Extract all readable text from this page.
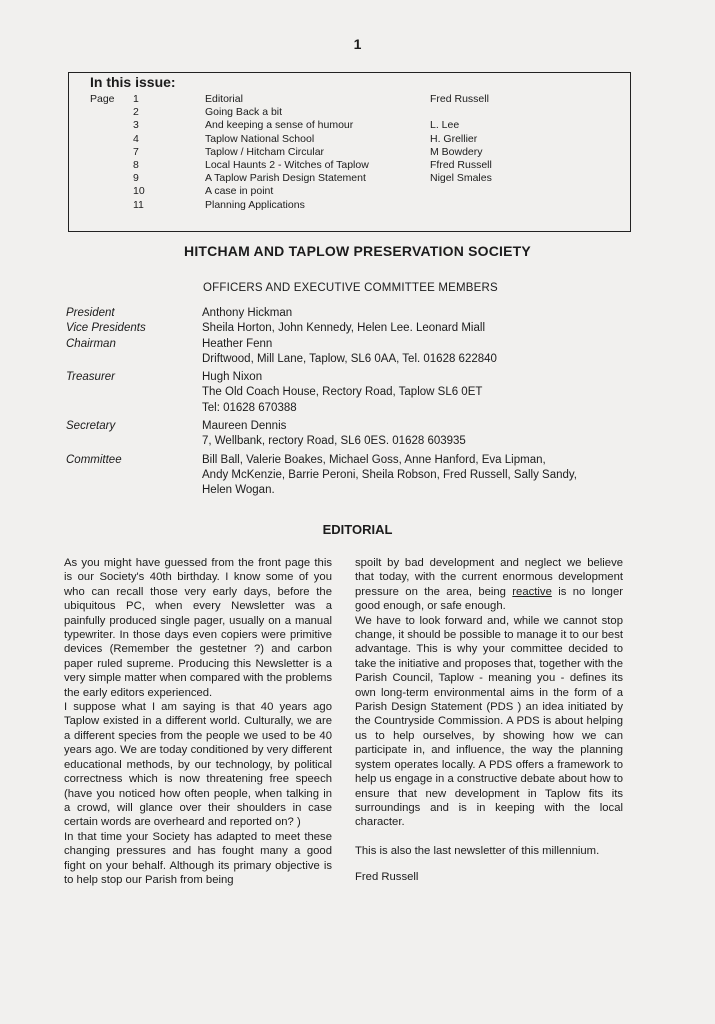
1
In this issue:
Page 1	Editorial	Fred Russell
2	Going Back a bit
3	And keeping a sense of humour	L. Lee
4	Taplow National School	H. Grellier
7	Taplow / Hitcham Circular	M Bowdery
8	Local Haunts 2 - Witches of Taplow	Ffred Russell
9	A Taplow Parish Design Statement	Nigel Smales
10	A case in point
11	Planning Applications
HITCHAM AND TAPLOW PRESERVATION SOCIETY
OFFICERS AND EXECUTIVE COMMITTEE MEMBERS
President	Anthony Hickman
Vice Presidents	Sheila Horton, John Kennedy, Helen Lee. Leonard Miall
Chairman	Heather Fenn
Driftwood, Mill Lane, Taplow, SL6 0AA, Tel. 01628 622840
Treasurer	Hugh Nixon
The Old Coach House, Rectory Road, Taplow SL6 0ET
Tel: 01628 670388
Secretary	Maureen Dennis
7, Wellbank, rectory Road, SL6 0ES. 01628 603935
Committee	Bill Ball, Valerie Boakes, Michael Goss, Anne Hanford, Eva Lipman,
Andy McKenzie, Barrie Peroni, Sheila Robson, Fred Russell, Sally Sandy,
Helen Wogan.
EDITORIAL

As you might have guessed from the front page this is our Society's 40th birthday. I know some of you who can recall those very early days, before the ubiquitous PC, when every Newsletter was a painfully produced single pager, usually on a manual typewriter. In those days even copiers were primitive devices (Remember the gestetner ?) and carbon paper ruled supreme. Producing this Newsletter is a very simple matter when compared with the problems the early editors experienced.

I suppose what I am saying is that 40 years ago Taplow existed in a different world. Culturally, we are a different species from the people we used to be 40 years ago. We are today conditioned by very different educational methods, by our technology, by political correctness which is now threatening free speech (have you noticed how often people, when talking in a crowd, will glance over their shoulders in case certain words are overheard and reported on? )

In that time your Society has adapted to meet these changing pressures and has fought many a good fight on your behalf. Although its primary objective is to help stop our Parish from being

spoilt by bad development and neglect we believe that today, with the current enormous development pressure on the area, being reactive is no longer good enough, or safe enough.

We have to look forward and, while we cannot stop change, it should be possible to manage it to our best advantage. This is why your committee decided to take the initiative and proposes that, together with the Parish Council, Taplow - meaning you - defines its own long-term environmental aims in the form of a Parish Design Statement (PDS ) an idea initiated by the Countryside Commission. A PDS is about helping us to help ourselves, by showing how we can participate in, and influence, the way the planning system operates locally. A PDS offers a framework to help us engage in a constructive debate about how to ensure that new development in Taplow fits its surroundings and is in keeping with the local character.

This is also the last newsletter of this millennium.

Fred Russell
